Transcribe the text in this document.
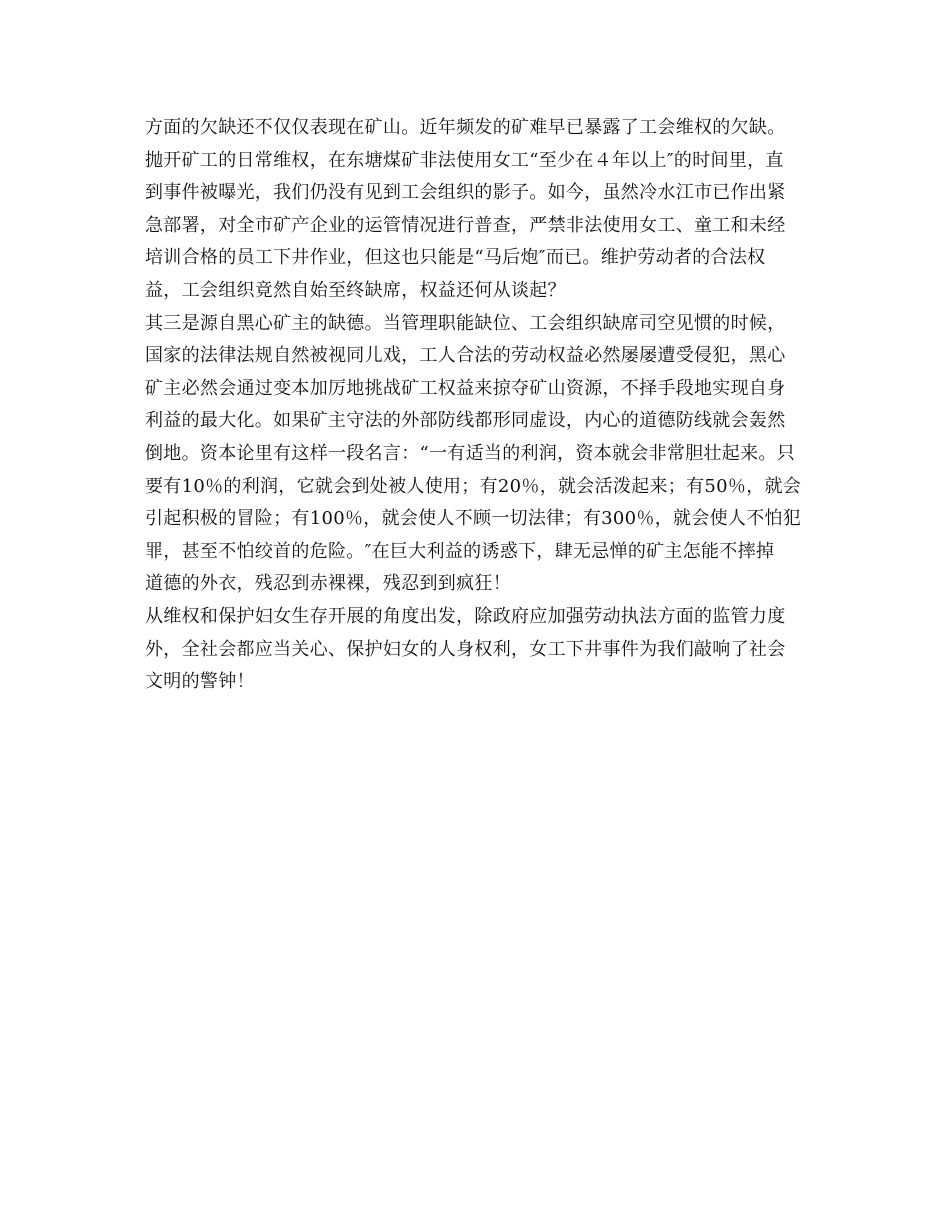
方面的欠缺还不仅仅表现在矿山。近年频发的矿难早已暴露了工会维权的欠缺。
抛开矿工的日常维权，在东塘煤矿非法使用女工“至少在４年以上″的时间里，直
到事件被曝光，我们仍没有见到工会组织的影子。如今，虽然冷水江市已作出紧
急部署，对全市矿产企业的运管情况进行普查，严禁非法使用女工、童工和未经
培训合格的员工下井作业，但这也只能是“马后炮″而已。维护劳动者的合法权
益，工会组织竟然自始至终缺席，权益还何从谈起？
其三是源自黑心矿主的缺德。当管理职能缺位、工会组织缺席司空见惯的时候，
国家的法律法规自然被视同儿戏，工人合法的劳动权益必然屡屡遭受侵犯，黑心
矿主必然会通过变本加厉地挑战矿工权益来掠夺矿山资源，不择手段地实现自身
利益的最大化。如果矿主守法的外部防线都形同虚设，内心的道德防线就会轰然
倒地。资本论里有这样一段名言：“一有适当的利润，资本就会非常胆壮起来。只
要有10％的利润，它就会到处被人使用；有20％，就会活泼起来；有50％，就会
引起积极的冒险；有100％，就会使人不顾一切法律；有300％，就会使人不怕犯
罪，甚至不怕绞首的危险。″在巨大利益的诱惑下，肆无忌惮的矿主怎能不摔掉
道德的外衣，残忍到赤裸裸，残忍到到疯狂！
从维权和保护妇女生存开展的角度出发，除政府应加强劳动执法方面的监管力度
外，全社会都应当关心、保护妇女的人身权利，女工下井事件为我们敲响了社会
文明的警钟！
